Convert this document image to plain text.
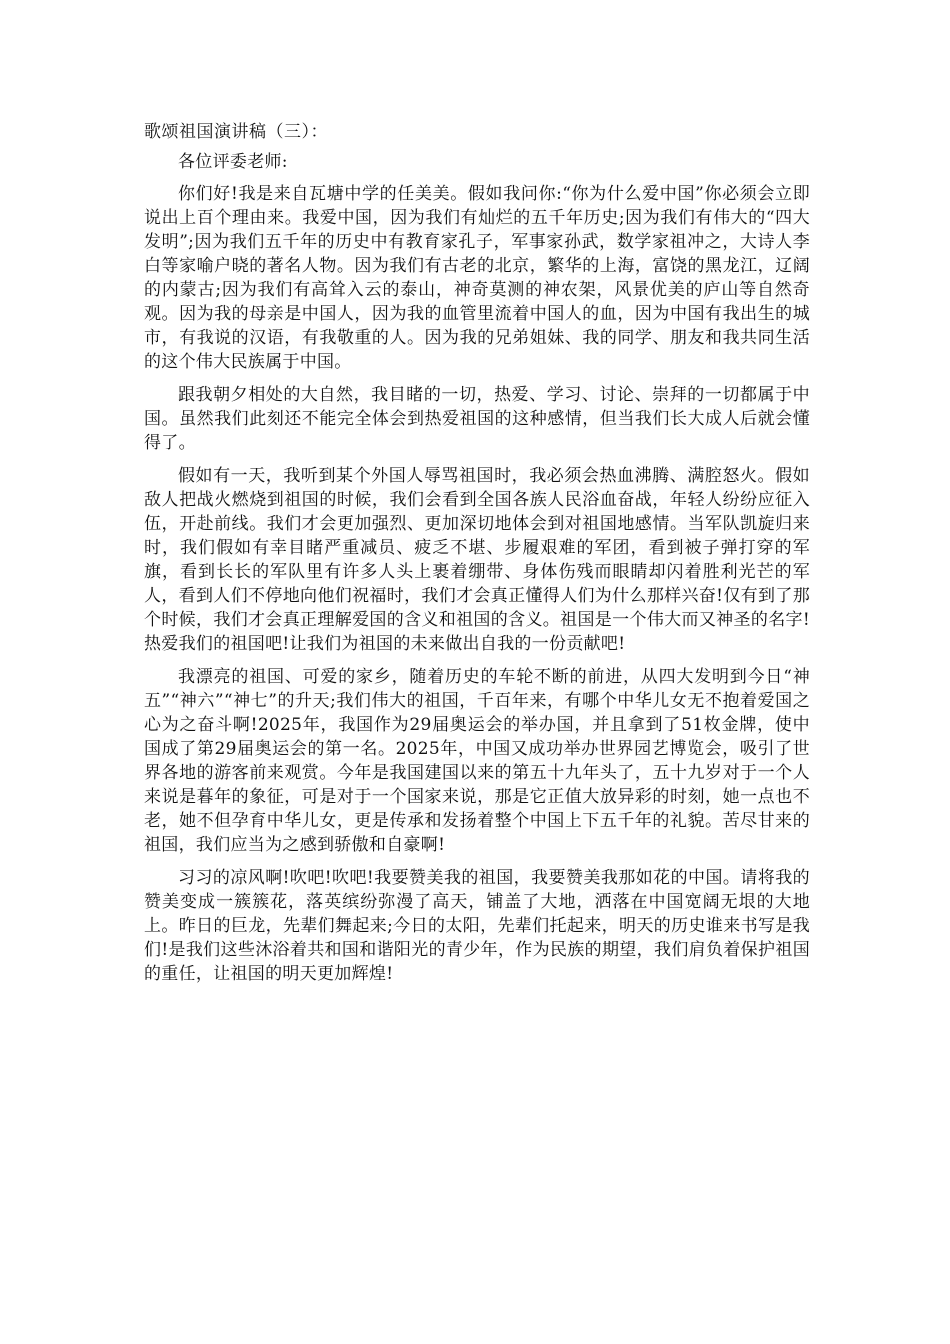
歌颂祖国演讲稿（三）：

各位评委老师:

你们好!我是来自瓦塘中学的任美美。假如我问你:“你为什么爱中国”你必须会立即说出上百个理由来。我爱中国，因为我们有灿烂的五千年历史;因为我们有伟大的“四大发明”;因为我们五千年的历史中有教育家孔子，军事家孙武，数学家祖冲之，大诗人李白等家喻户晓的著名人物。因为我们有古老的北京，繁华的上海，富饶的黑龙江，辽阔的内蒙古;因为我们有高耸入云的泰山，神奇莫测的神农架，风景优美的庐山等自然奇观。因为我的母亲是中国人，因为我的血管里流着中国人的血，因为中国有我出生的城市，有我说的汉语，有我敬重的人。因为我的兄弟姐妹、我的同学、朋友和我共同生活的这个伟大民族属于中国。

跟我朝夕相处的大自然，我目睹的一切，热爱、学习、讨论、崇拜的一切都属于中国。虽然我们此刻还不能完全体会到热爱祖国的这种感情，但当我们长大成人后就会懂得了。

假如有一天，我听到某个外国人辱骂祖国时，我必须会热血沸腾、满腔怒火。假如敌人把战火燃烧到祖国的时候，我们会看到全国各族人民浴血奋战，年轻人纷纷应征入伍，开赴前线。我们才会更加强烈、更加深切地体会到对祖国地感情。当军队凯旋归来时，我们假如有幸目睹严重减员、疲乏不堪、步履艰难的军团，看到被子弹打穿的军旗，看到长长的军队里有许多人头上裹着绷带、身体伤残而眼睛却闪着胜利光芒的军人，看到人们不停地向他们祝福时，我们才会真正懂得人们为什么那样兴奋!仅有到了那个时候，我们才会真正理解爱国的含义和祖国的含义。祖国是一个伟大而又神圣的名字!热爱我们的祖国吧!让我们为祖国的未来做出自我的一份贡献吧!

我漂亮的祖国、可爱的家乡，随着历史的车轮不断的前进，从四大发明到今日“神五”“神六”“神七”的升天;我们伟大的祖国，千百年来，有哪个中华儿女无不抱着爱国之心为之奋斗啊!2025年，我国作为29届奥运会的举办国，并且拿到了51枚金牌，使中国成了第29届奥运会的第一名。2025年，中国又成功举办世界园艺博览会，吸引了世界各地的游客前来观赏。今年是我国建国以来的第五十九年头了，五十九岁对于一个人来说是暮年的象征，可是对于一个国家来说，那是它正值大放异彩的时刻，她一点也不老，她不但孕育中华儿女，更是传承和发扬着整个中国上下五千年的礼貌。苦尽甘来的祖国，我们应当为之感到骄傲和自豪啊!

习习的凉风啊!吹吧!吹吧!我要赞美我的祖国，我要赞美我那如花的中国。请将我的赞美变成一簇簇花，落英缤纷弥漫了高天，铺盖了大地，洒落在中国宽阔无垠的大地上。昨日的巨龙，先辈们舞起来;今日的太阳，先辈们托起来，明天的历史谁来书写是我们!是我们这些沐浴着共和国和谐阳光的青少年，作为民族的期望，我们肩负着保护祖国的重任，让祖国的明天更加辉煌!
